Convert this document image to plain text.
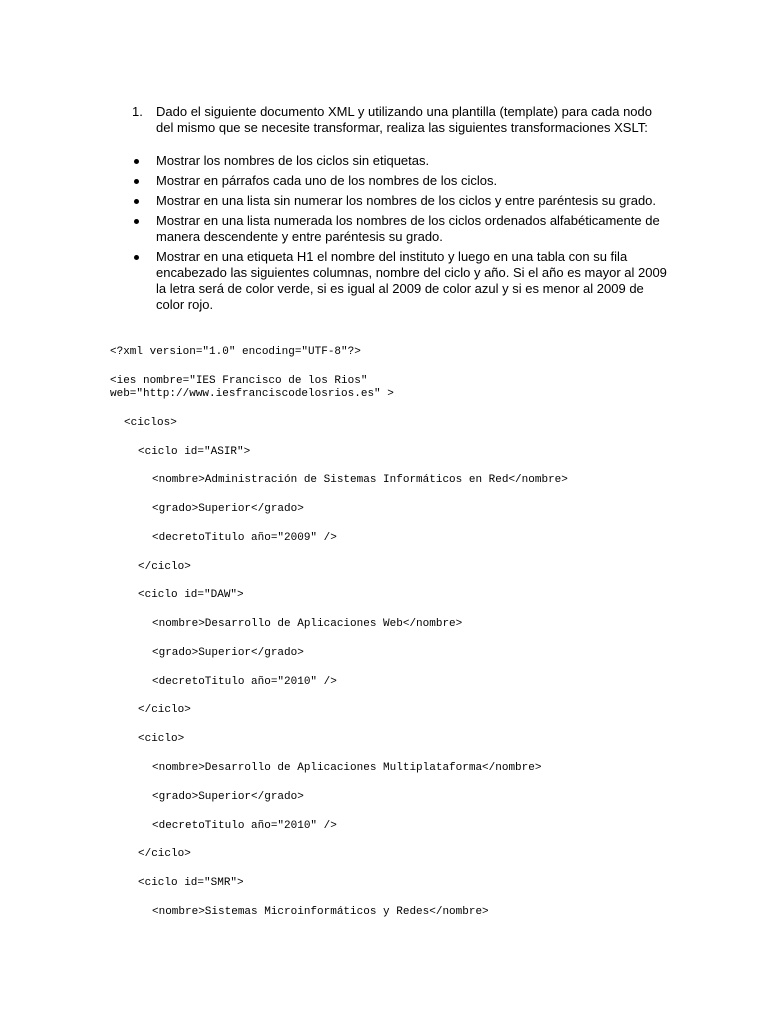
1. Dado el siguiente documento XML y utilizando una plantilla (template) para cada nodo del mismo que se necesite transformar, realiza las siguientes transformaciones XSLT:
Mostrar los nombres de los ciclos sin etiquetas.
Mostrar en párrafos cada uno de los nombres de los ciclos.
Mostrar en una lista sin numerar los nombres de los ciclos y entre paréntesis su grado.
Mostrar en una lista numerada los nombres de los ciclos ordenados alfabéticamente de manera descendente y entre paréntesis su grado.
Mostrar en una etiqueta H1 el nombre del instituto y luego en una tabla con su fila encabezado las siguientes columnas, nombre del ciclo y año. Si el año es mayor al 2009 la letra será de color verde, si es igual al 2009 de color azul y si es menor al 2009 de color rojo.

<?xml version="1.0" encoding="UTF-8"?>

<ies nombre="IES Francisco de los Rios"

web="http://www.iesfranciscodelosrios.es" >

<ciclos>

<ciclo id="ASIR">

<nombre>Administración de Sistemas Informáticos en Red</nombre>

<grado>Superior</grado>

<decretoTitulo año="2009" />

</ciclo>

<ciclo id="DAW">

<nombre>Desarrollo de Aplicaciones Web</nombre>

<grado>Superior</grado>

<decretoTitulo año="2010" />

</ciclo>

<ciclo>

<nombre>Desarrollo de Aplicaciones Multiplataforma</nombre>

<grado>Superior</grado>

<decretoTitulo año="2010" />

</ciclo>

<ciclo id="SMR">

<nombre>Sistemas Microinformáticos y Redes</nombre>
